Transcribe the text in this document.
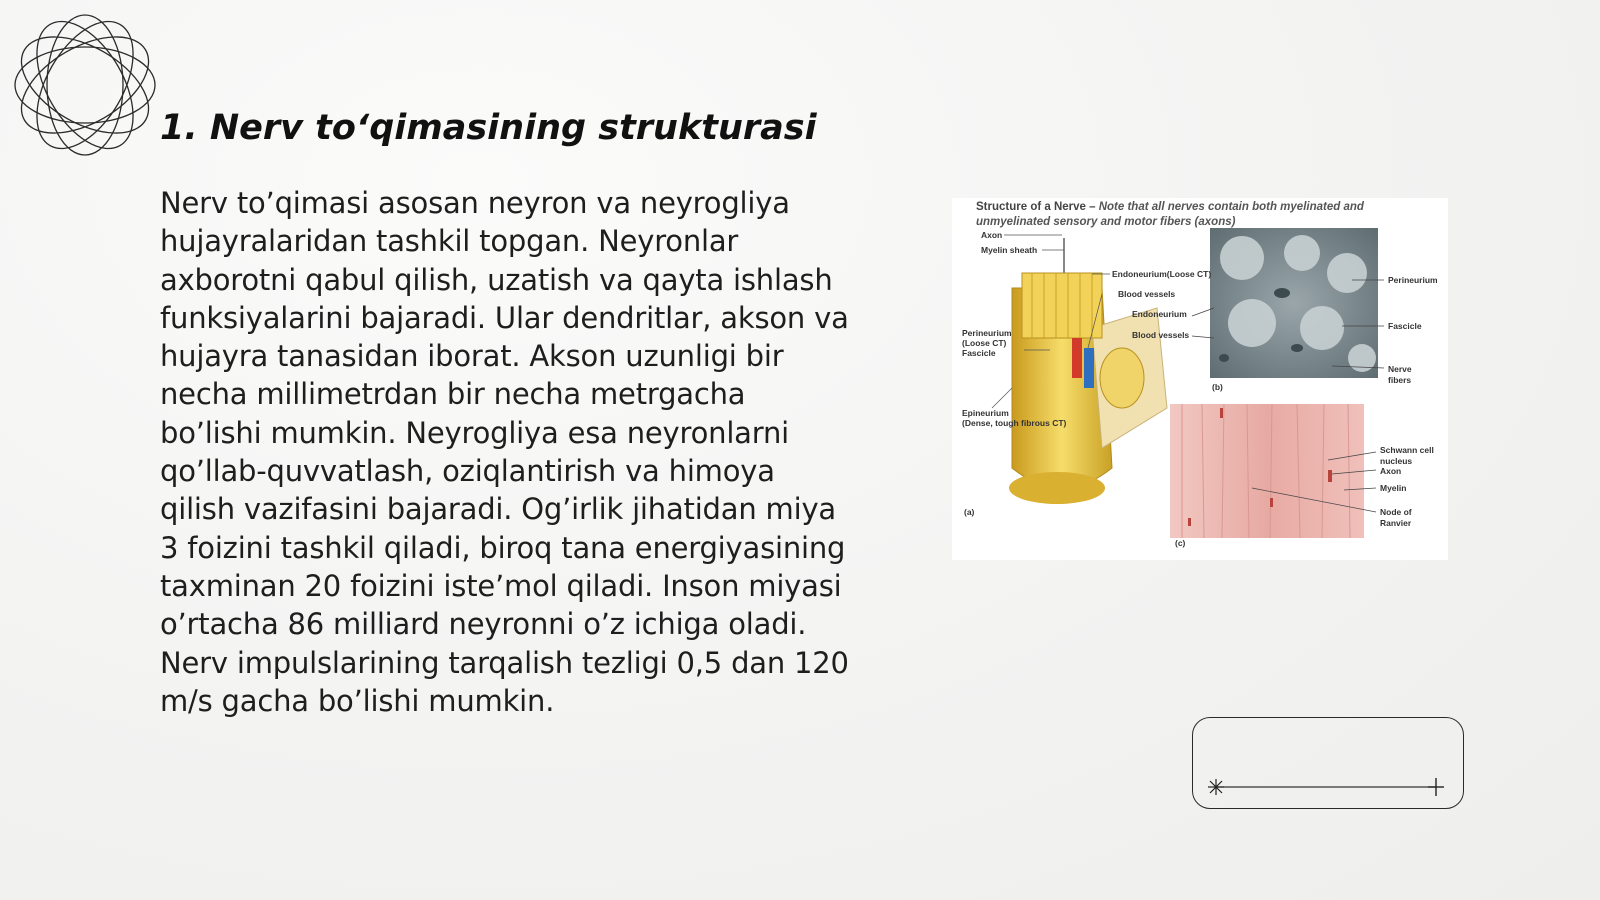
1. Nerv to‘qimasining strukturasi

Nerv to’qimasi asosan neyron va neyrogliya hujayralaridan tashkil topgan. Neyronlar axborotni qabul qilish, uzatish va qayta ishlash funksiyalarini bajaradi. Ular dendritlar, akson va hujayra tanasidan iborat. Akson uzunligi bir necha millimetrdan bir necha metrgacha bo’lishi mumkin. Neyrogliya esa neyronlarni qo’llab-quvvatlash, oziqlantirish va himoya qilish vazifasini bajaradi. Og’irlik jihatidan miya 3 foizini tashkil qiladi, biroq tana energiyasining taxminan 20 foizini iste’mol qiladi. Inson miyasi o’rtacha 86 milliard neyronni o’z ichiga oladi. Nerv impulslarining tarqalish tezligi 0,5 dan 120 m/s gacha bo’lishi mumkin.

Structure of a Nerve – Note that all nerves contain both myelinated and unmyelinated sensory and motor fibers (axons)
Axon
Myelin sheath
Endoneurium(Loose CT)
Blood vessels
Perineurium
(Loose CT)
Fascicle
Epineurium
(Dense, tough fibrous CT)
(a)
Endoneurium
Blood vessels
Perineurium
Fascicle
Nerve
fibers
(b)
Schwann cell
nucleus
Axon
Myelin
Node of
Ranvier
(c)
